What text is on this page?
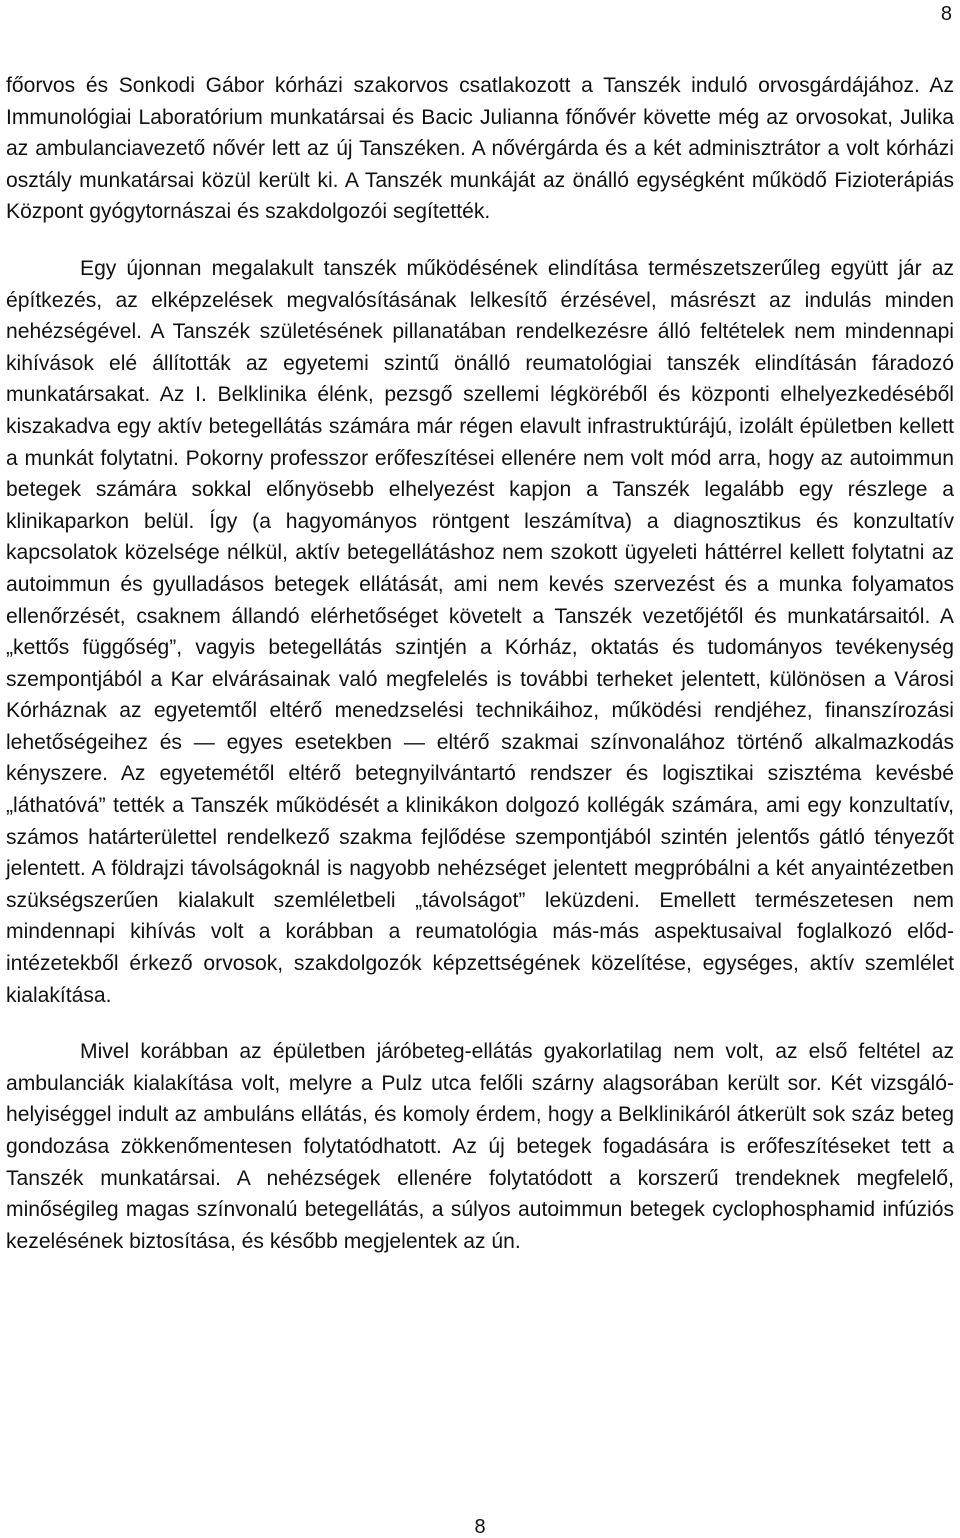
8

főorvos és Sonkodi Gábor kórházi szakorvos csatlakozott a Tanszék induló orvosgárdájához. Az Immunológiai Laboratórium munkatársai és Bacic Julianna főnővér követte még az orvosokat, Julika az ambulanciavezető nővér lett az új Tanszéken. A nővérgárda és a két adminisztrátor a volt kórházi osztály munkatársai közül került ki. A Tanszék munkáját az önálló egységként működő Fizioterápiás Központ gyógytornászai és szakdolgozói segítették.

Egy újonnan megalakult tanszék működésének elindítása természetszerűleg együtt jár az építkezés, az elképzelések megvalósításának lelkesítő érzésével, másrészt az indulás minden nehézségével. A Tanszék születésének pillanatában rendelkezésre álló feltételek nem mindennapi kihívások elé állították az egyetemi szintű önálló reumatológiai tanszék elindításán fáradozó munkatársakat. Az I. Belklinika élénk, pezsgő szellemi légköréből és központi elhelyezkedéséből kiszakadva egy aktív betegellátás számára már régen elavult infrastruktúrájú, izolált épületben kellett a munkát folytatni. Pokorny professzor erőfeszítései ellenére nem volt mód arra, hogy az autoimmun betegek számára sokkal előnyösebb elhelyezést kapjon a Tanszék legalább egy részlege a klinikaparkon belül. Így (a hagyományos röntgent leszámítva) a diagnosztikus és konzultatív kapcsolatok közelsége nélkül, aktív betegellátáshoz nem szokott ügyeleti háttérrel kellett folytatni az autoimmun és gyulladásos betegek ellátását, ami nem kevés szervezést és a munka folyamatos ellenőrzését, csaknem állandó elérhetőséget követelt a Tanszék vezetőjétől és munkatársaitól. A „kettős függőség”, vagyis betegellátás szintjén a Kórház, oktatás és tudományos tevékenység szempontjából a Kar elvárásainak való megfelelés is további terheket jelentett, különösen a Városi Kórháznak az egyetemtől eltérő menedzselési technikáihoz, működési rendjéhez, finanszírozási lehetőségeihez és — egyes esetekben — eltérő szakmai színvonalához történő alkalmazkodás kényszere. Az egyetemétől eltérő betegnyilvántartó rendszer és logisztikai szisztéma kevésbé „láthatóvá” tették a Tanszék működését a klinikákon dolgozó kollégák számára, ami egy konzultatív, számos határterülettel rendelkező szakma fejlődése szempontjából szintén jelentős gátló tényezőt jelentett. A földrajzi távolságoknál is nagyobb nehézséget jelentett megpróbálni a két anyaintézetben szükségszerűen kialakult szemléletbeli „távolságot” leküzdeni. Emellett természetesen nem mindennapi kihívás volt a korábban a reumatológia más-más aspektusaival foglalkozó előd-intézetekből érkező orvosok, szakdolgozók képzettségének közelítése, egységes, aktív szemlélet kialakítása.

Mivel korábban az épületben járóbeteg-ellátás gyakorlatilag nem volt, az első feltétel az ambulanciák kialakítása volt, melyre a Pulz utca felőli szárny alagsorában került sor. Két vizsgáló-helyiséggel indult az ambuláns ellátás, és komoly érdem, hogy a Belklinikáról átkerült sok száz beteg gondozása zökkenőmentesen folytatódhatott. Az új betegek fogadására is erőfeszítéseket tett a Tanszék munkatársai. A nehézségek ellenére folytatódott a korszerű trendeknek megfelelő, minőségileg magas színvonalú betegellátás, a súlyos autoimmun betegek cyclophosphamid infúziós kezelésének biztosítása, és később megjelentek az ún.

8
